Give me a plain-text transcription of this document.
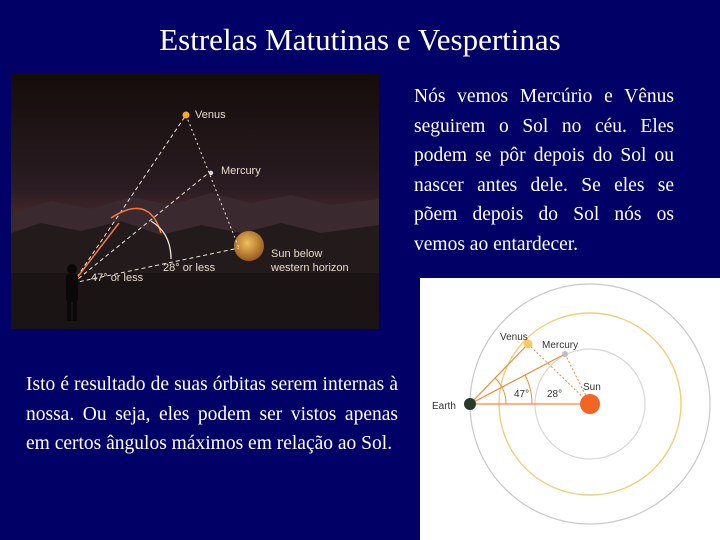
Estrelas Matutinas e Vespertinas
Venus
Mercury
Sun below
western horizon
47° or less
28° or less
Nós vemos Mercúrio e Vênus seguirem o Sol no céu. Eles podem se pôr depois do Sol ou nascer antes dele. Se eles se põem depois do Sol nós os vemos ao entardecer.
Isto é resultado de suas órbitas serem internas à nossa. Ou seja, eles podem ser vistos apenas em certos ângulos máximos em relação ao Sol.
Venus
Mercury
Earth
Sun
47° 28°
